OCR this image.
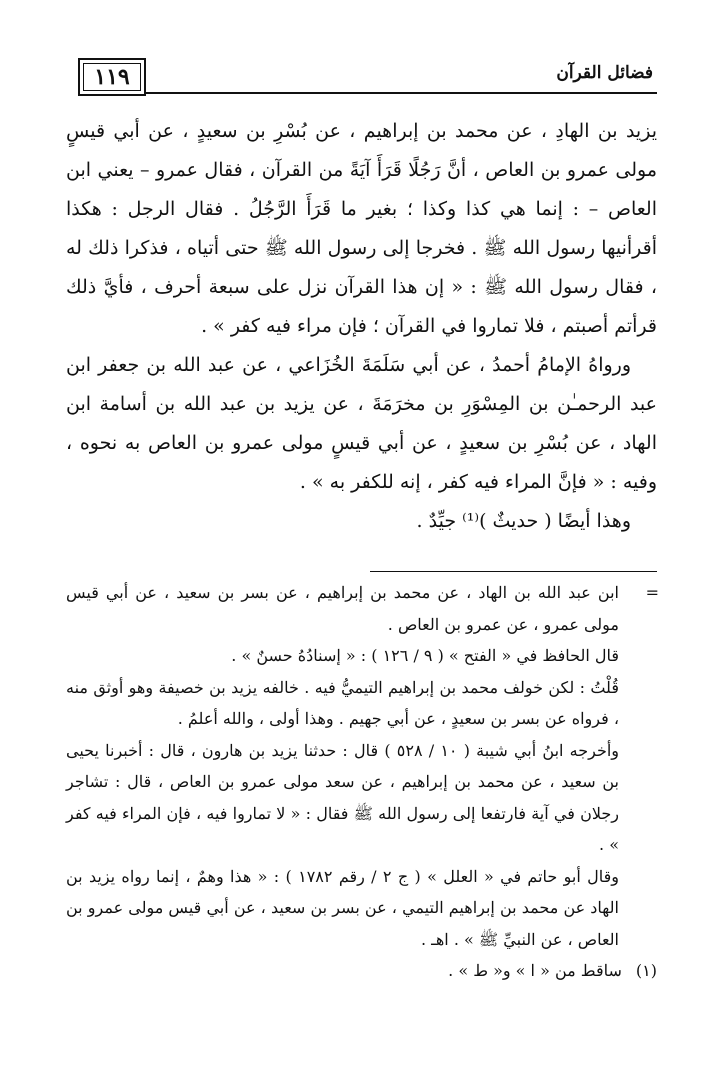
١١٩	فضائل القرآن

يزيد بن الهادِ ، عن محمد بن إبراهيم ، عن بُسْرِ بن سعيدٍ ، عن أبي قيسٍ مولى عمرو بن العاص ، أنَّ رَجُلًا قَرَأَ آيَةً من القرآن ، فقال عمرو – يعني ابن العاص – : إنما هي كذا وكذا ؛ بغير ما قَرَأَ الرَّجُلُ . فقال الرجل : هكذا أقرأنيها رسول الله ﷺ . فخرجا إلى رسول الله ﷺ حتى أتياه ، فذكرا ذلك له ، فقال رسول الله ﷺ : « إن هذا القرآن نزل على سبعة أحرف ، فأيَّ ذلك قرأتم أصبتم ، فلا تماروا في القرآن ؛ فإن مراء فيه كفر » .

ورواهُ الإمامُ أحمدُ ، عن أبي سَلَمَةَ الخُزَاعي ، عن عبد الله بن جعفر ابن عبد الرحمـٰن بن المِسْوَرِ بن مخرَمَةَ ، عن يزيد بن عبد الله بن أسامة ابن الهاد ، عن بُسْرِ بن سعيدٍ ، عن أبي قيسٍ مولى عمرو بن العاص به نحوه ، وفيه : « فإنَّ المراء فيه كفر ، إنه للكفر به » .

وهذا أيضًا ( حديثٌ )⁽¹⁾ جيِّدٌ .

=

ابن عبد الله بن الهاد ، عن محمد بن إبراهيم ، عن بسر بن سعيد ، عن أبي قيس مولى عمرو ، عن عمرو بن العاص .

قال الحافظ في « الفتح » ( ٩ / ١٢٦ ) : « إسنادُهُ حسنٌ » .

قُلْتُ : لكن خولف محمد بن إبراهيم التيميُّ فيه . خالفه يزيد بن خصيفة وهو أوثق منه ، فرواه عن بسر بن سعيدٍ ، عن أبي جهيم . وهذا أولى ، والله أعلمُ .

وأخرجه ابنُ أبي شيبة ( ١٠ / ٥٢٨ ) قال : حدثنا يزيد بن هارون ، قال : أخبرنا يحيى بن سعيد ، عن محمد بن إبراهيم ، عن سعد مولى عمرو بن العاص ، قال : تشاجر رجلان في آية فارتفعا إلى رسول الله ﷺ فقال : « لا تماروا فيه ، فإن المراء فيه كفر » .

وقال أبو حاتم في « العلل » ( ج ٢ / رقم ١٧٨٢ ) : « هذا وهمٌ ، إنما رواه يزيد بن الهاد عن محمد بن إبراهيم التيمي ، عن بسر بن سعيد ، عن أبي قيس مولى عمرو بن العاص ، عن النبيِّ ﷺ » . اهـ .

(١)
ساقط من « ا » و« ط » .
